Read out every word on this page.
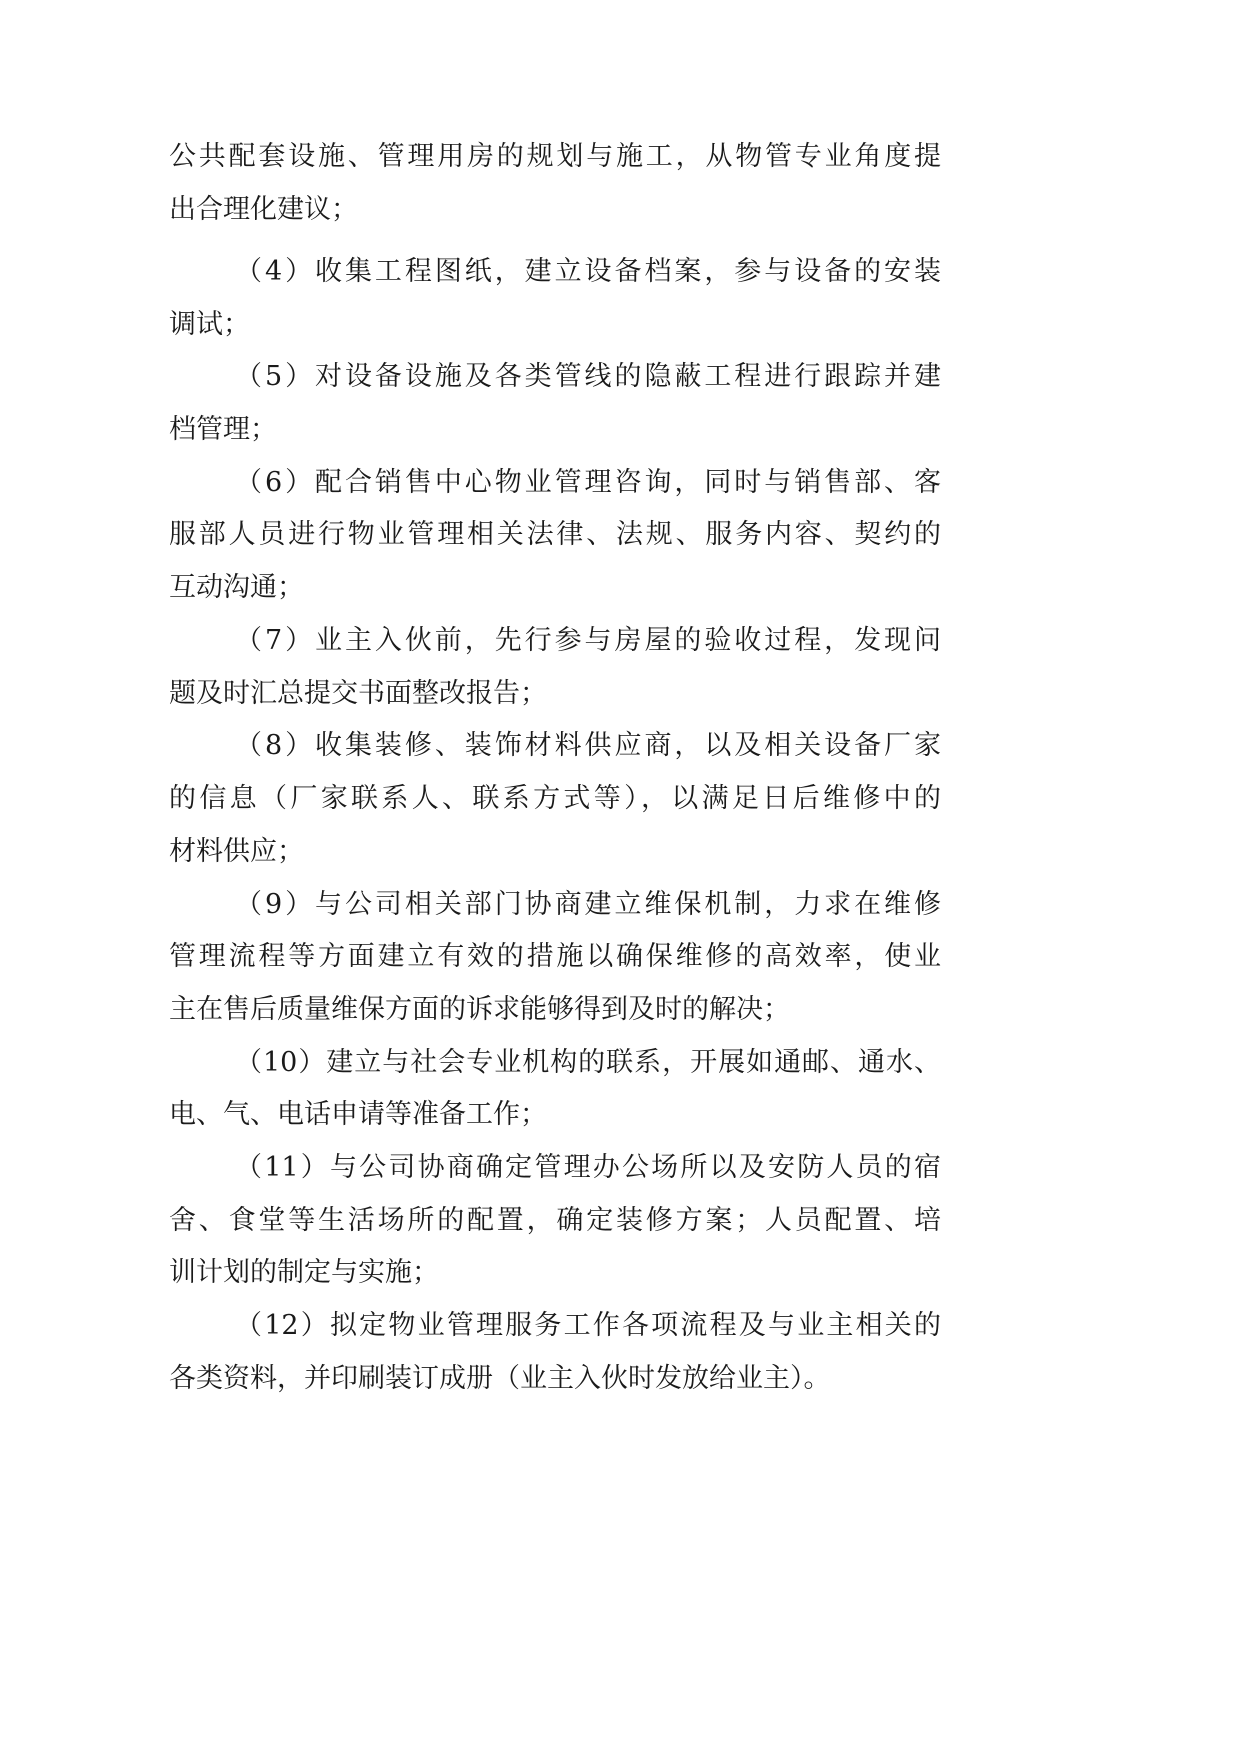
公共配套设施、管理用房的规划与施工，从物管专业角度提
出合理化建议；
（4）收集工程图纸，建立设备档案，参与设备的安装
调试；
（5）对设备设施及各类管线的隐蔽工程进行跟踪并建
档管理；
（6）配合销售中心物业管理咨询，同时与销售部、客
服部人员进行物业管理相关法律、法规、服务内容、契约的
互动沟通；
（7）业主入伙前，先行参与房屋的验收过程，发现问
题及时汇总提交书面整改报告；
（8）收集装修、装饰材料供应商，以及相关设备厂家
的信息（厂家联系人、联系方式等），以满足日后维修中的
材料供应；
（9）与公司相关部门协商建立维保机制，力求在维修
管理流程等方面建立有效的措施以确保维修的高效率，使业
主在售后质量维保方面的诉求能够得到及时的解决；
（10）建立与社会专业机构的联系，开展如通邮、通水、
电、气、电话申请等准备工作；
（11）与公司协商确定管理办公场所以及安防人员的宿
舍、食堂等生活场所的配置，确定装修方案；人员配置、培
训计划的制定与实施；
（12）拟定物业管理服务工作各项流程及与业主相关的
各类资料，并印刷装订成册（业主入伙时发放给业主）。
